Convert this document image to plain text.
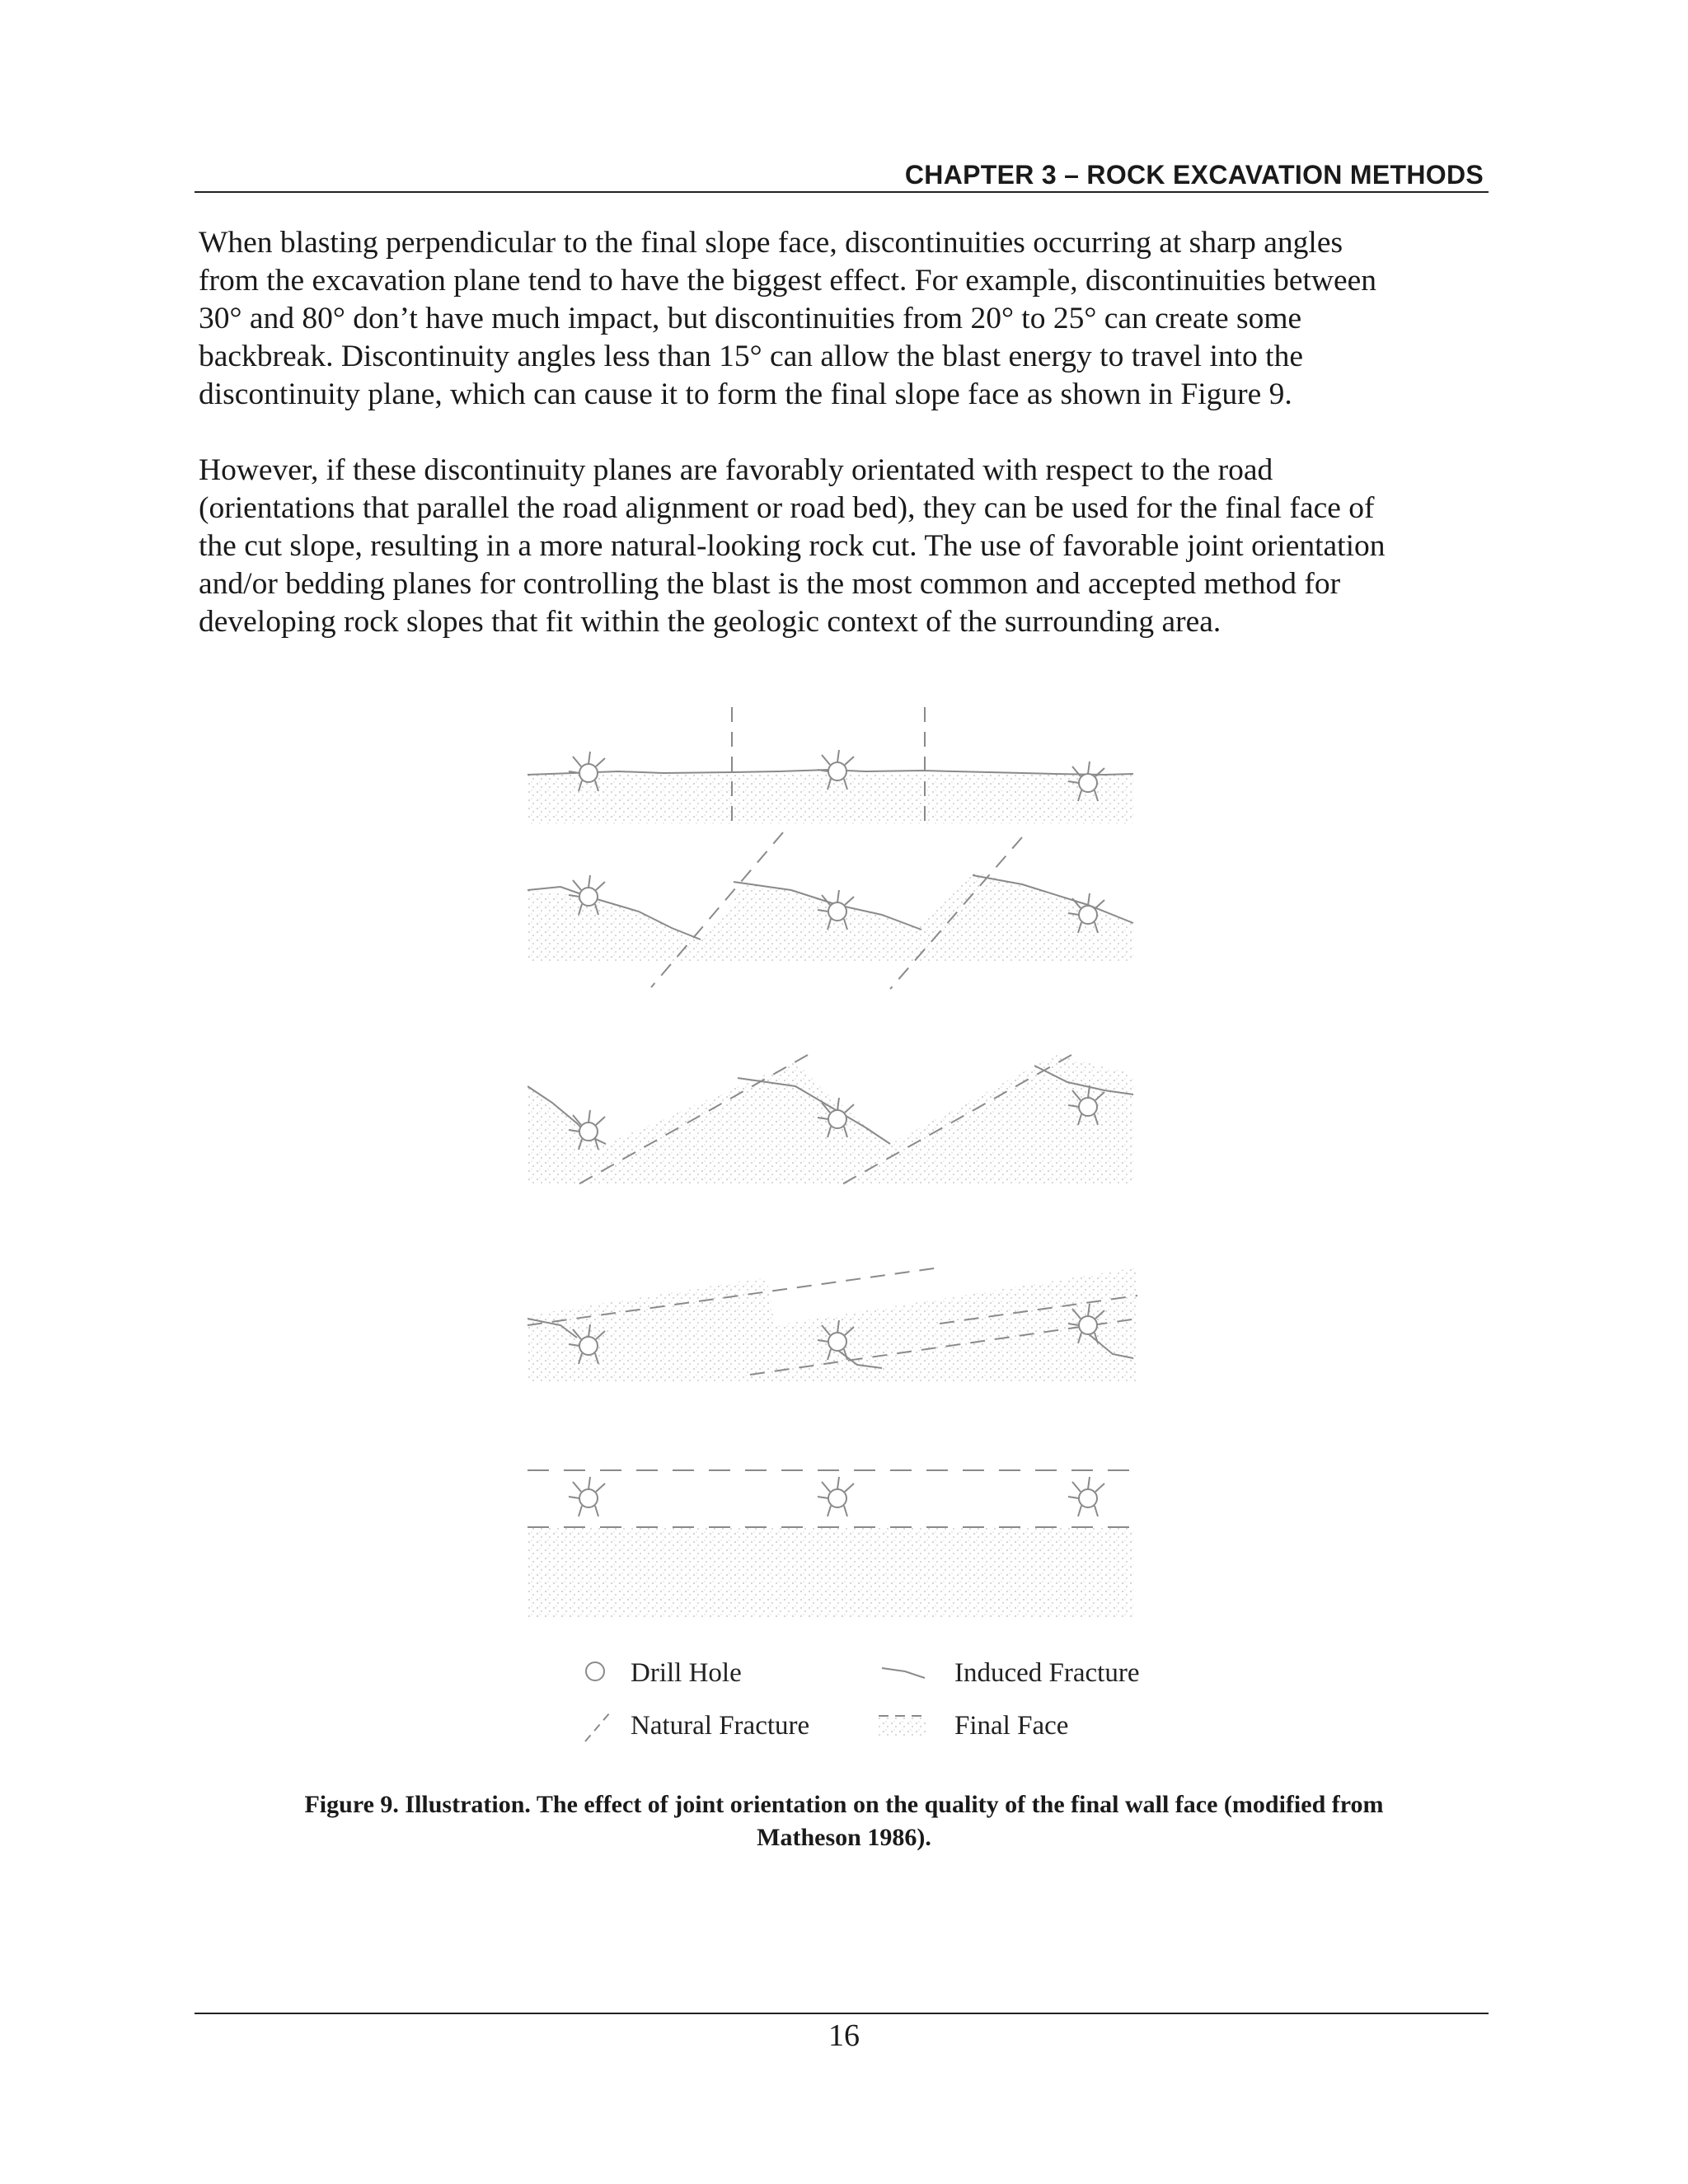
CHAPTER 3 – ROCK EXCAVATION METHODS

When blasting perpendicular to the final slope face, discontinuities occurring at sharp angles
from the excavation plane tend to have the biggest effect. For example, discontinuities between
30° and 80° don’t have much impact, but discontinuities from 20° to 25° can create some
backbreak. Discontinuity angles less than 15° can allow the blast energy to travel into the
discontinuity plane, which can cause it to form the final slope face as shown in Figure 9.

However, if these discontinuity planes are favorably orientated with respect to the road
(orientations that parallel the road alignment or road bed), they can be used for the final face of
the cut slope, resulting in a more natural-looking rock cut. The use of favorable joint orientation
and/or bedding planes for controlling the blast is the most common and accepted method for
developing rock slopes that fit within the geologic context of the surrounding area.

Drill Hole	Induced Fracture
Natural Fracture	Final Face

Figure 9. Illustration. The effect of joint orientation on the quality of the final wall face (modified from
Matheson 1986).

16
